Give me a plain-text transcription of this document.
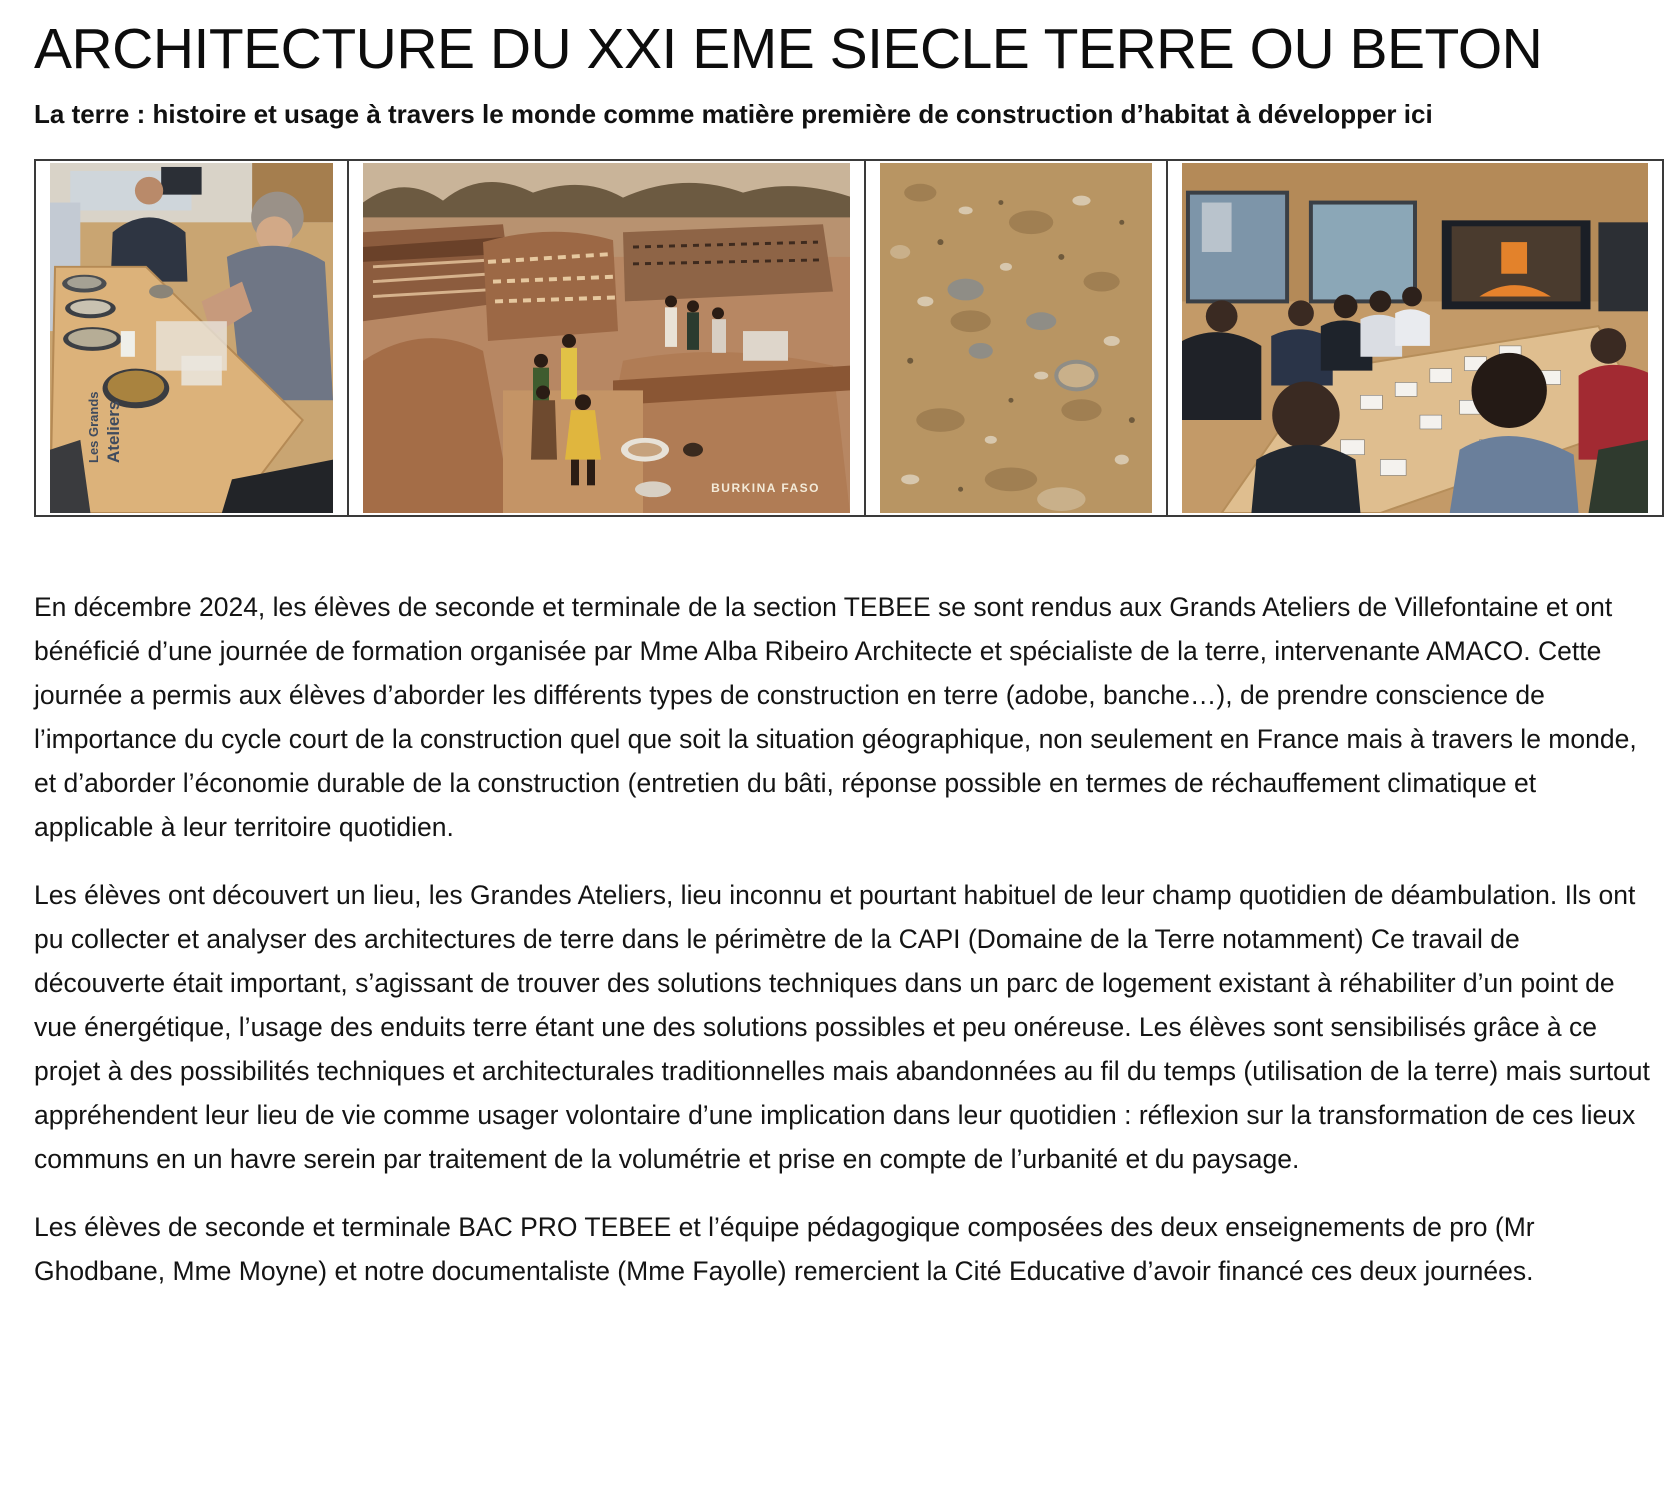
ARCHITECTURE DU XXI EME SIECLE TERRE OU BETON

La terre : histoire et usage à travers le monde comme matière première de construction d’habitat à développer ici

Les Grands Ateliers
BURKINA FASO

En décembre 2024, les élèves de seconde et terminale de la section TEBEE se sont rendus aux Grands Ateliers de Villefontaine et ont bénéficié d’une journée de formation organisée par Mme Alba Ribeiro Architecte et spécialiste de la terre, intervenante AMACO. Cette journée a permis aux élèves d’aborder les différents types de construction en terre (adobe, banche…), de prendre conscience de l’importance du cycle court de la construction quel que soit la situation géographique, non seulement en France mais à travers le monde, et d’aborder l’économie durable de la construction (entretien du bâti, réponse possible en termes de réchauffement climatique et applicable à leur territoire quotidien.

Les élèves ont découvert un lieu, les Grandes Ateliers, lieu inconnu et pourtant habituel de leur champ quotidien de déambulation. Ils ont pu collecter et analyser des architectures de terre dans le périmètre de la CAPI (Domaine de la Terre notamment) Ce travail de découverte était important, s’agissant de trouver des solutions techniques dans un parc de logement existant à réhabiliter d’un point de vue énergétique, l’usage des enduits terre étant une des solutions possibles et peu onéreuse. Les élèves sont sensibilisés grâce à ce projet à des possibilités techniques et architecturales traditionnelles mais abandonnées au fil du temps (utilisation de la terre) mais surtout appréhendent leur lieu de vie comme usager volontaire d’une implication dans leur quotidien : réflexion sur la transformation de ces lieux communs en un havre serein par traitement de la volumétrie et prise en compte de l’urbanité et du paysage.

Les élèves de seconde et terminale BAC PRO TEBEE et l’équipe pédagogique composées des deux enseignements de pro (Mr Ghodbane, Mme Moyne) et notre documentaliste (Mme Fayolle) remercient la Cité Educative d’avoir financé ces deux journées.
